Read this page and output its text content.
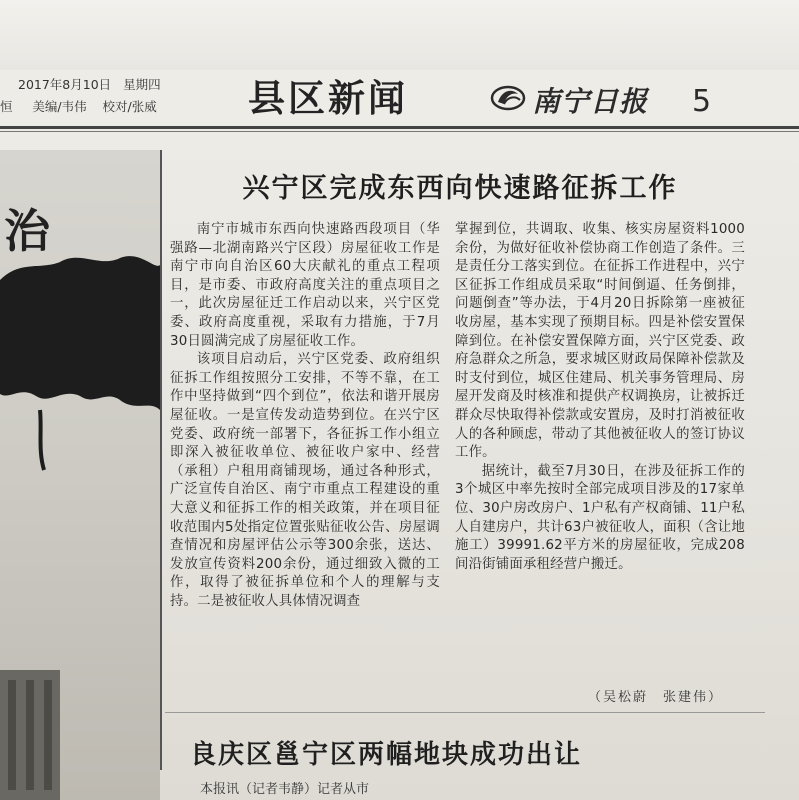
2017年8月10日 星期四
恒 美编/韦伟 校对/张威 县区新闻	南宁日报 5
治
兴宁区完成东西向快速路征拆工作

南宁市城市东西向快速路西段项目（华强路—北湖南路兴宁区段）房屋征收工作是南宁市向自治区60大庆献礼的重点工程项目，是市委、市政府高度关注的重点项目之一，此次房屋征迁工作启动以来，兴宁区党委、政府高度重视，采取有力措施，于7月30日圆满完成了房屋征收工作。

该项目启动后，兴宁区党委、政府组织征拆工作组按照分工安排，不等不靠，在工作中坚持做到“四个到位”，依法和谐开展房屋征收。一是宣传发动造势到位。在兴宁区党委、政府统一部署下，各征拆工作小组立即深入被征收单位、被征收户家中、经营（承租）户租用商铺现场，通过各种形式，广泛宣传自治区、南宁市重点工程建设的重大意义和征拆工作的相关政策，并在项目征收范围内5处指定位置张贴征收公告、房屋调查情况和房屋评估公示等300余张，送达、发放宣传资料200余份，通过细致入微的工作，取得了被征拆单位和个人的理解与支持。二是被征收人具体情况调查

掌握到位，共调取、收集、核实房屋资料1000余份，为做好征收补偿协商工作创造了条件。三是责任分工落实到位。在征拆工作进程中，兴宁区征拆工作组成员采取“时间倒逼、任务倒排，问题倒查”等办法，于4月20日拆除第一座被征收房屋，基本实现了预期目标。四是补偿安置保障到位。在补偿安置保障方面，兴宁区党委、政府急群众之所急，要求城区财政局保障补偿款及时支付到位，城区住建局、机关事务管理局、房屋开发商及时核准和提供产权调换房，让被拆迁群众尽快取得补偿款或安置房，及时打消被征收人的各种顾虑，带动了其他被征收人的签订协议工作。

据统计，截至7月30日，在涉及征拆工作的3个城区中率先按时全部完成项目涉及的17家单位、30户房改房户、1户私有产权商铺、11户私人自建房户，共计63户被征收人，面积（含让地施工）39991.62平方米的房屋征收，完成208间沿街铺面承租经营户搬迁。

（吴松蔚　张建伟）
良庆区邕宁区两幅地块成功出让
本报讯（记者韦静）记者从市
